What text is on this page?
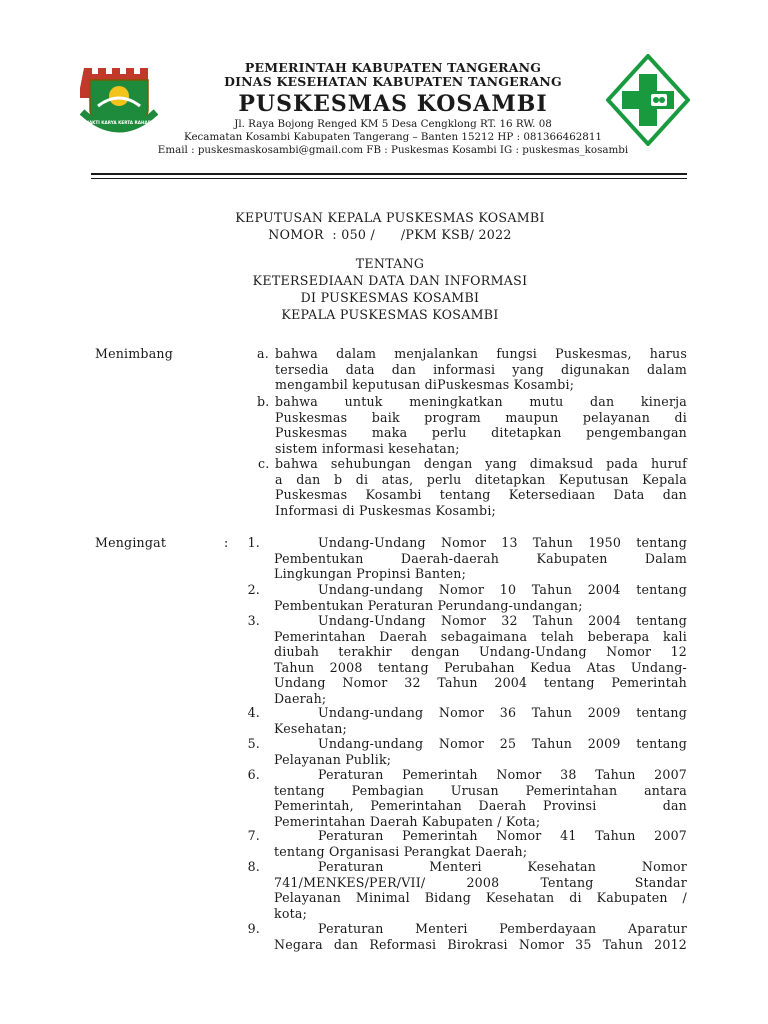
BHAKTI KARYA KERTA RAHARJA
PEMERINTAH KABUPATEN TANGERANG
DINAS KESEHATAN KABUPATEN TANGERANG
PUSKESMAS KOSAMBI
Jl. Raya Bojong Renged KM 5 Desa Cengklong RT. 16 RW. 08
Kecamatan Kosambi Kabupaten Tangerang – Banten 15212 HP : 081366462811
Email : puskesmaskosambi@gmail.com FB : Puskesmas Kosambi IG : puskesmas_kosambi
KEPUTUSAN KEPALA PUSKESMAS KOSAMBI
NOMOR  : 050 /      /PKM KSB/ 2022
TENTANG
KETERSEDIAAN DATA DAN INFORMASI
DI PUSKESMAS KOSAMBI
KEPALA PUSKESMAS KOSAMBI
Menimbang	a. bahwa dalam menjalankan fungsi Puskesmas, harus
tersedia data dan informasi yang digunakan dalam
mengambil keputusan diPuskesmas Kosambi;
b. bahwa untuk meningkatkan mutu dan kinerja
Puskesmas baik program maupun pelayanan di
Puskesmas maka perlu ditetapkan pengembangan
sistem informasi kesehatan;
c. bahwa sehubungan dengan yang dimaksud pada huruf
a dan b di atas, perlu ditetapkan Keputusan Kepala
Puskesmas Kosambi tentang Ketersediaan Data dan
Informasi di Puskesmas Kosambi;
Mengingat	: 1.	Undang-Undang Nomor 13 Tahun 1950 tentang
Pembentukan Daerah-daerah Kabupaten Dalam
Lingkungan Propinsi Banten;
2.	Undang-undang Nomor 10 Tahun 2004 tentang
Pembentukan Peraturan Perundang-undangan;
3.	Undang-Undang Nomor 32 Tahun 2004 tentang
Pemerintahan Daerah sebagaimana telah beberapa kali
diubah terakhir dengan Undang-Undang Nomor 12
Tahun 2008 tentang Perubahan Kedua Atas Undang-
Undang Nomor 32 Tahun 2004 tentang Pemerintah
Daerah;
4.	Undang-undang Nomor 36 Tahun 2009 tentang
Kesehatan;
5.	Undang-undang Nomor 25 Tahun 2009 tentang
Pelayanan Publik;
6.	Peraturan Pemerintah Nomor 38 Tahun 2007
tentang Pembagian Urusan Pemerintahan antara
Pemerintah, Pemerintahan Daerah Provinsi    dan
Pemerintahan Daerah Kabupaten / Kota;
7.	Peraturan Pemerintah Nomor 41 Tahun 2007
tentang Organisasi Perangkat Daerah;
8.	Peraturan Menteri Kesehatan Nomor
741/MENKES/PER/VII/ 2008 Tentang Standar
Pelayanan Minimal Bidang Kesehatan di Kabupaten /
kota;
9.	Peraturan Menteri Pemberdayaan Aparatur
Negara dan Reformasi Birokrasi Nomor 35 Tahun 2012
